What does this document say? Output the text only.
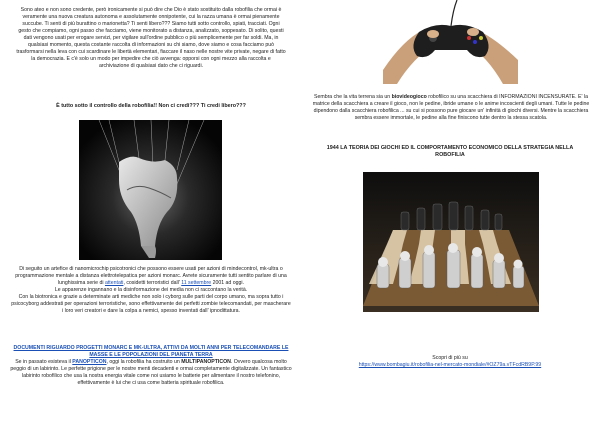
Sono ateo e non sono credente, però ironicamente si può dire che Dio è stato sostituito dalla robofilia che ormai è veramente una nuova creatura autonoma e assolutamente onnipotente, cui la razza umana è ormai pienamente succube. Ti senti di più burattino o marionetta? Ti senti libero??? Siamo tutti sotto controllo, spiati, tracciati. Ogni gesto che compiamo, ogni passo che facciamo, viene monitorato a distanza, analizzato, soppesato. Di solito, questi dati vengono usati per erogare servizi, per vigilare sull'ordine pubblico o più semplicemente per far soldi. Ma, in qualsiasi momento, questa costante raccolta di informazioni su chi siamo, dove siamo e cosa facciamo può trasformarsi nella leva con cui scardinare le libertà elementari, fiaccare il naso nelle nostre vite private, negare di fatto la democrazia. E c'è solo un modo per impedire che ciò avvenga: opporsi con ogni mezzo alla raccolta e archiviazione di qualsiasi dato che ci riguardi.

È tutto sotto il controllo della robofilia!! Non ci credi??? Ti credi libero???

Di seguito un artefice di nanomicrochip psicotronici che possono essere usati per azioni di mindecontrol, mk-ultra o programmazione mentale a distanza elettrotelepatica per azioni monarc. Avrete sicuramente tutti sentito parlare di una lunghissima serie di attentati, cosidetti terroristici dall' 11 settembre 2001 ad oggi.
Le apparenze ingannano e la disinformazione dei media non ci raccontano la verità.
Con la biotronica e grazie a determinate arti mediche non solo i cyborg sulle parti del corpo umano, ma sopra tutto i psicocyborg addestrati per operazioni terroristiche, sono effettivamente dei perfetti zombie telecomandati, per mascherare i loro veri creatori e dare la colpa a nemici, spesso inventati dall' ipnodittatura.

DOCUMENTI RIGUARDO PROGETTI MONARC E MK-ULTRA, ATTIVI DA MOLTI ANNI PER TELECOMANDARE LE MASSE E LE POPOLAZIONI DEL PIANETA TERRA
Se in passato esisteva il PANOPTICON, oggi la robofilia ha costruito un MULTIPANOPTICON. Ovvero qualcosa molto peggio di un labirinto. Le perfette prigione per le nostre menti decadenti e ormai completamente digitalizzate. Un fantastico labirinto robofilico che usa la nostra energia vitale come noi usiamo le batterie per alimentare il nostro telefonino, effettivamente è lui che ci usa come batteria spirituale robofilica.

Sembra che la vita terrena sia un biovideogioco robofilico su una scacchiera di INFORMAZIONI INCENSURATE. E' la matrice della scacchiera a creare il gioco, non le pedine, ibride umane o le anime incoscienti degli umani. Tutte le pedine dipendono dalla scacchiera robofilica ... su cui si possono pure giocare un' infinità di giochi diversi. Mentre la scacchiera sembra essere immortale, le pedine alla fine finiscono tutte dentro la stessa scatola.

1944 LA TEORIA DEI GIOCHI ED IL COMPORTAMENTO ECONOMICO DELLA STRATEGIA NELLA ROBOFILIA

Scopri di più su
https://www.bombagiu.it/robofilia-nel-mercato-mondiale/#OZ79a.vTFcdRB9P.99
